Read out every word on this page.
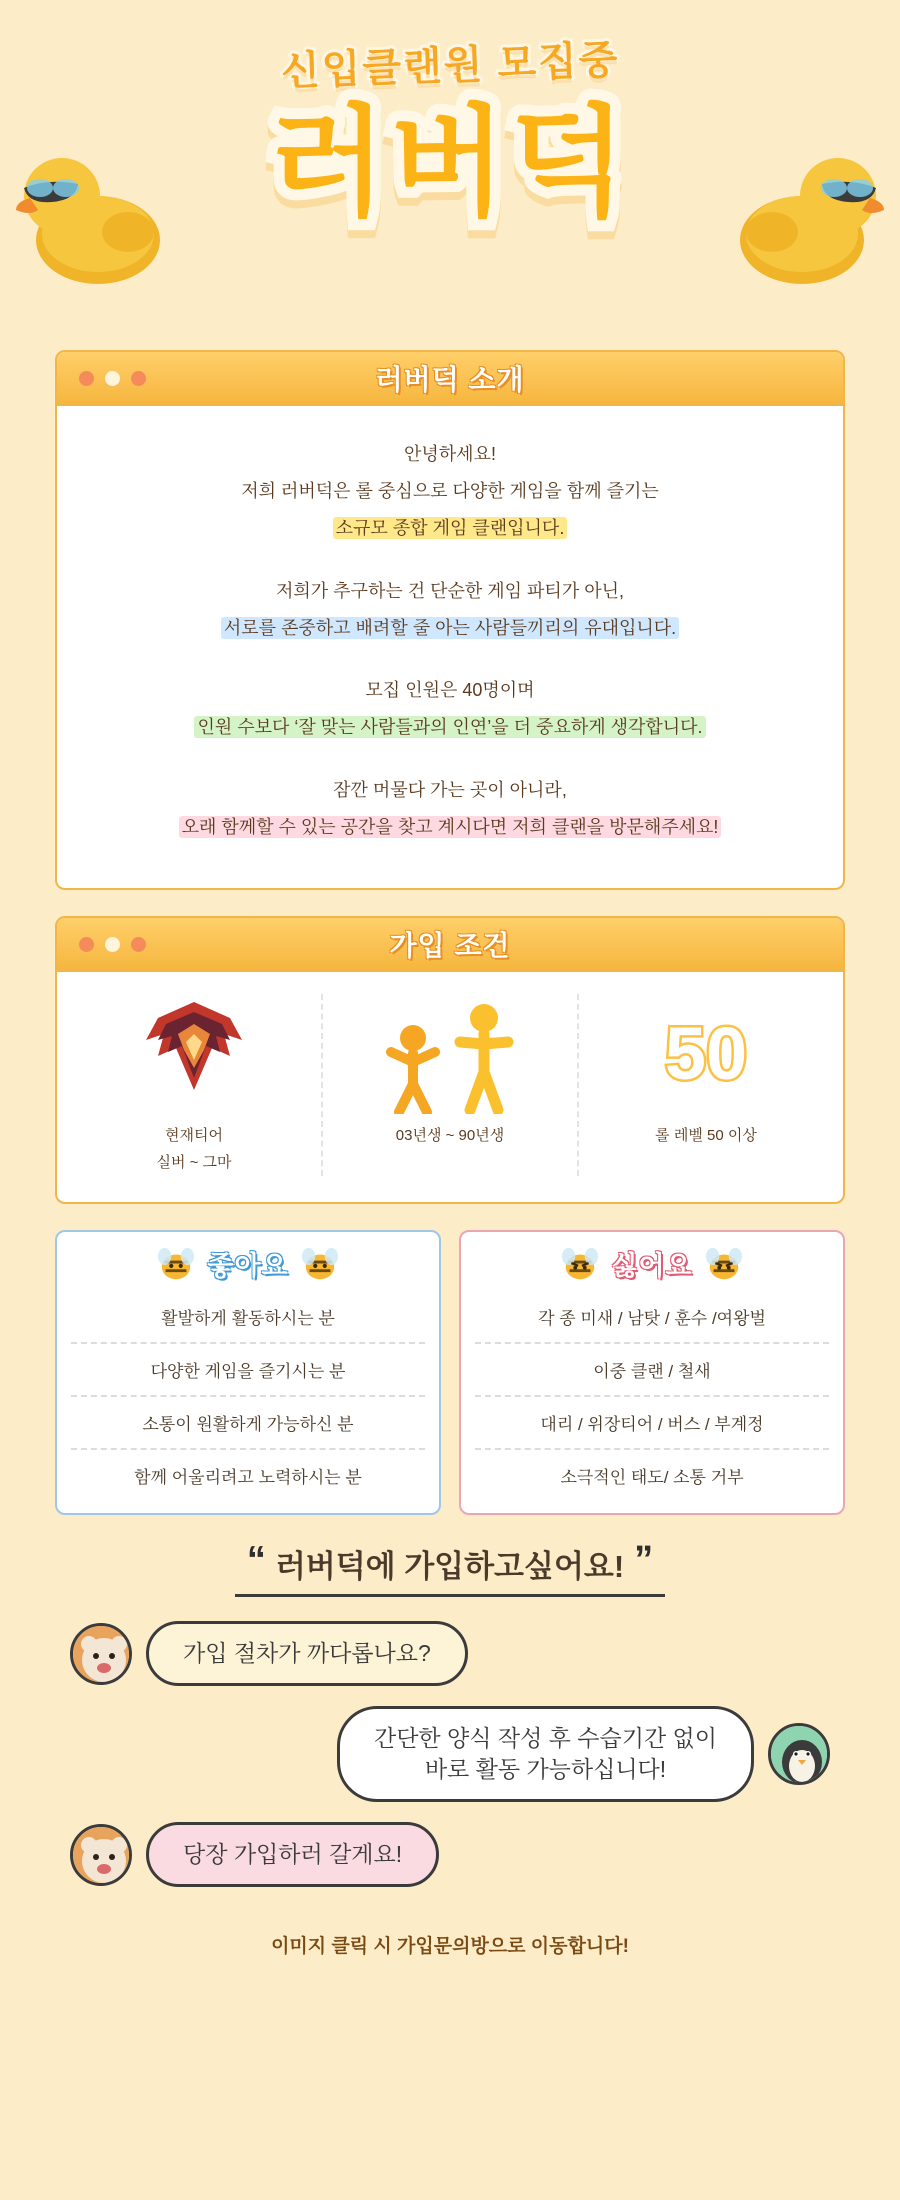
신입클랜원 모집중
러버덕
러버덕 소개

안녕하세요!
저희 러버덕은 롤 중심으로 다양한 게임을 함께 즐기는
소규모 종합 게임 클랜입니다.

저희가 추구하는 건 단순한 게임 파티가 아닌,
서로를 존중하고 배려할 줄 아는 사람들끼리의 유대입니다.

모집 인원은 40명이며
인원 수보다 ‘잘 맞는 사람들과의 인연’을 더 중요하게 생각합니다.

잠깐 머물다 가는 곳이 아니라,
오래 함께할 수 있는 공간을 찾고 계시다면 저희 클랜을 방문해주세요!

가입 조건
현재티어
실버 ~ 그마
03년생 ~ 90년생
50
롤 레벨 50 이상
좋아요
활발하게 활동하시는 분
다양한 게임을 즐기시는 분
소통이 원활하게 가능하신 분
함께 어울리려고 노력하시는 분
싫어요
각 종 미새 / 남탓 / 훈수 /여왕벌
이중 클랜 / 철새
대리 / 위장티어 / 버스 / 부계정
소극적인 태도/ 소통 거부
“ 러버덕에 가입하고싶어요! ”
가입 절차가 까다롭나요?
간단한 양식 작성 후 수습기간 없이
바로 활동 가능하십니다!
당장 가입하러 갈게요!
이미지 클릭 시 가입문의방으로 이동합니다!
